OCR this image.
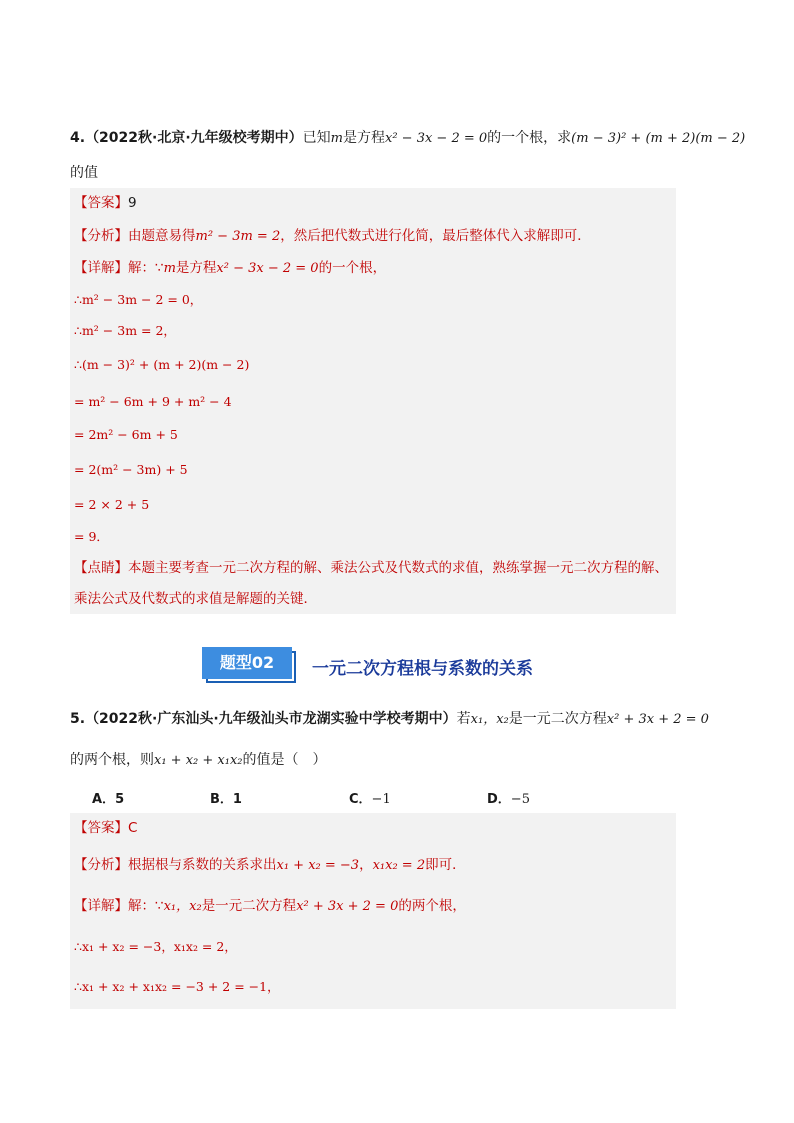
4.（2022秋·北京·九年级校考期中）已知m是方程x² − 3x − 2 = 0的一个根，求(m − 3)² + (m + 2)(m − 2)
的值
【答案】9
【分析】由题意易得m² − 3m = 2，然后把代数式进行化简，最后整体代入求解即可．
【详解】解：∵m是方程x² − 3x − 2 = 0的一个根，
∴m² − 3m − 2 = 0，
∴m² − 3m = 2，
∴(m − 3)² + (m + 2)(m − 2)
= m² − 6m + 9 + m² − 4
= 2m² − 6m + 5
= 2(m² − 3m) + 5
= 2 × 2 + 5
= 9．
【点睛】本题主要考查一元二次方程的解、乘法公式及代数式的求值，熟练掌握一元二次方程的解、
乘法公式及代数式的求值是解题的关键．
题型02	一元二次方程根与系数的关系
5.（2022秋·广东汕头·九年级汕头市龙湖实验中学校考期中）若x₁，x₂是一元二次方程x² + 3x + 2 = 0
的两个根，则x₁ + x₂ + x₁x₂的值是（　）
A．5	B．1	C．−1	D．−5
【答案】C
【分析】根据根与系数的关系求出x₁ + x₂ = −3，x₁x₂ = 2即可．
【详解】解：∵x₁，x₂是一元二次方程x² + 3x + 2 = 0的两个根，
∴x₁ + x₂ = −3，x₁x₂ = 2，
∴x₁ + x₂ + x₁x₂ = −3 + 2 = −1，
